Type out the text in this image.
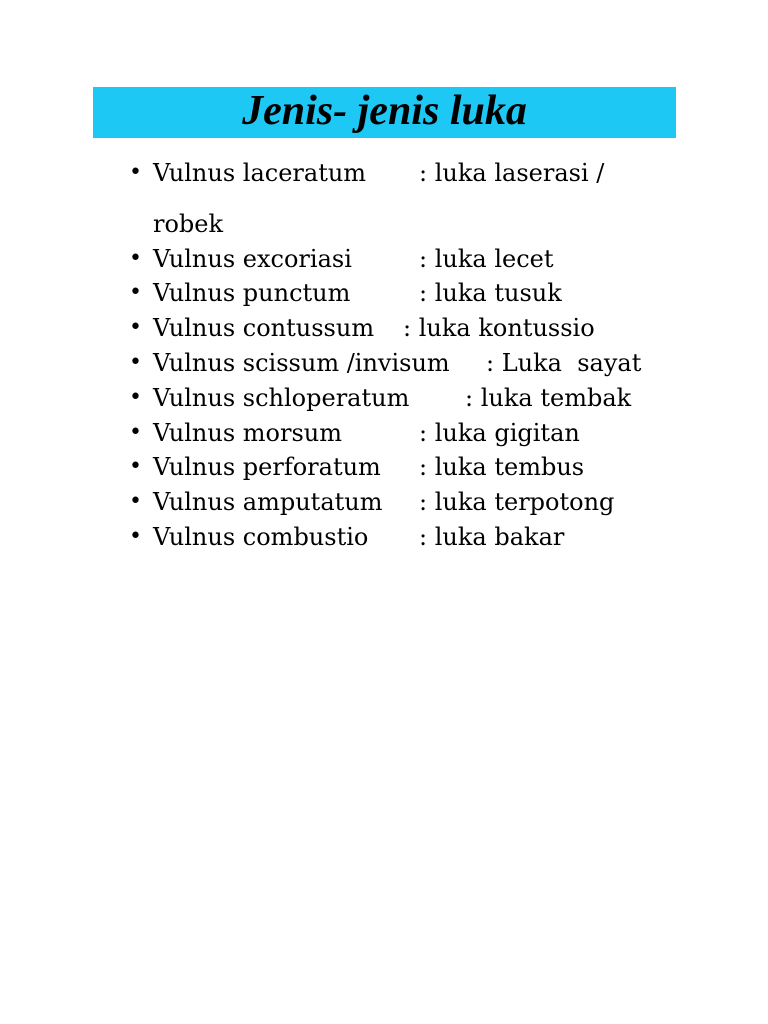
Jenis- jenis luka
• Vulnus laceratum : luka laserasi /
robek
• Vulnus excoriasi	: luka lecet
• Vulnus punctum	: luka tusuk
• Vulnus contussum : luka kontussio
• Vulnus scissum /invisum : Luka  sayat
• Vulnus schloperatum : luka tembak
• Vulnus morsum	: luka gigitan
• Vulnus perforatum : luka tembus
• Vulnus amputatum : luka terpotong
• Vulnus combustio : luka bakar
